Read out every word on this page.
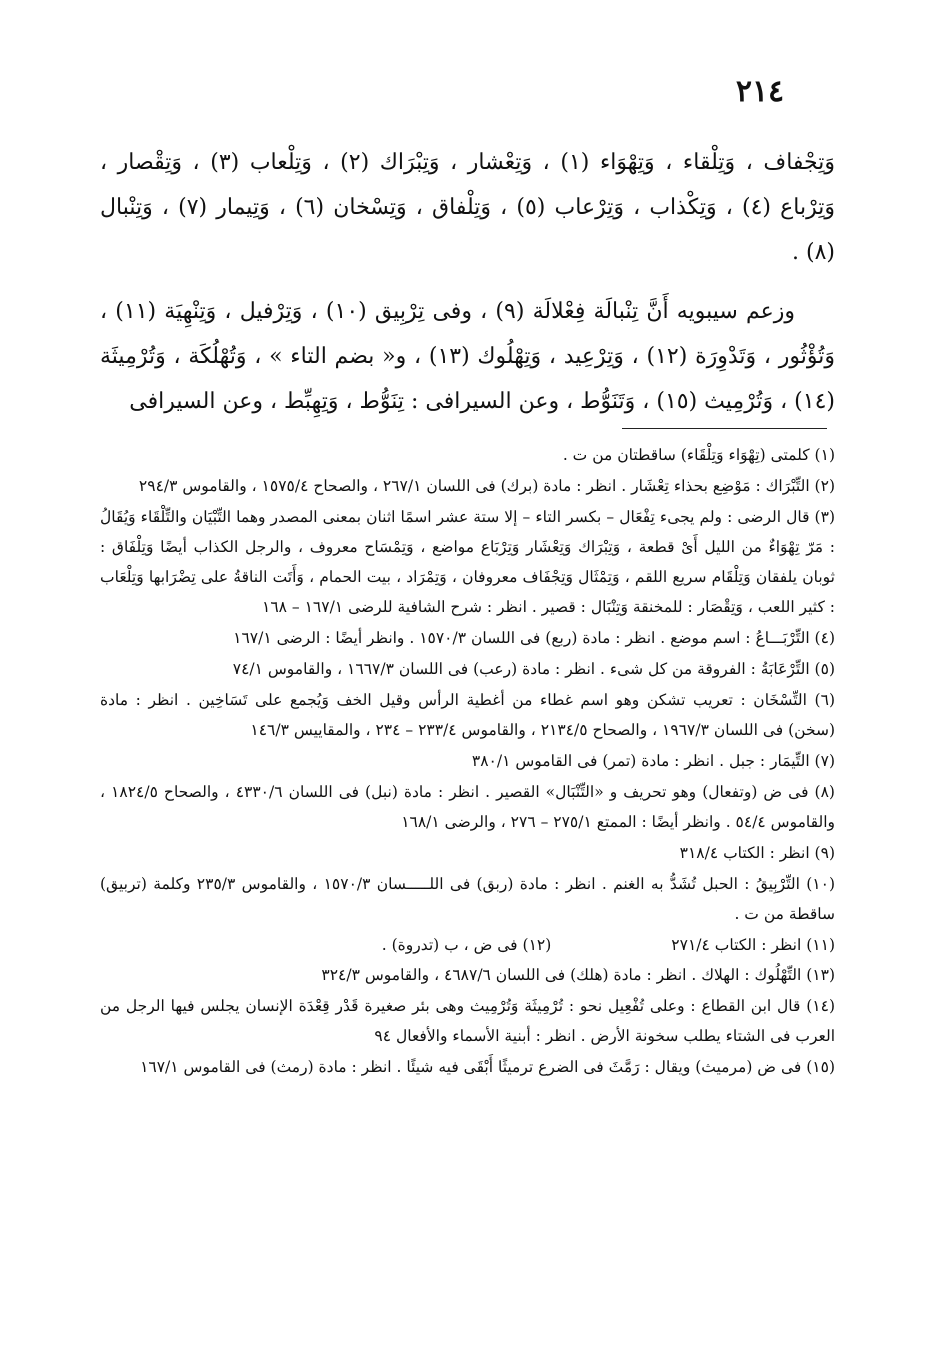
٢١٤

وَتِجْفاف ، وَتِلْقاء ، وَتِهْوَاء (١) ، وَتِعْشار ، وَتِبْرَاك (٢) ، وَتِلْعاب (٣) ، وَتِقْصار ، وَتِرْباع (٤) ، وَتِكْذاب ، وَتِرْعاب (٥) ، وَتِلْفاق ، وَتِسْخان (٦) ، وَتِيمار (٧) ، وَتِنْبال (٨) .

وزعم سيبويه أَنَّ تِنْبالَة فِعْلالَة (٩) ، وفى تِرْبِيق (١٠) ، وَتِرْفيل ، وَتِنْهِيَة (١١) ، وَتُؤْثُور ، وَتَدْوِرَة (١٢) ، وَتِرْعِيد ، وَتِهْلُوك (١٣) ، و« بضم التاء » ، وَتُهْلُكَة ، وَتُرْمِيثَة (١٤) ، وَتُرْمِيث (١٥) ، وَتَنَوُّط ، وعن السيرافى : تِنَوُّط ، وَتِهِبِّط ، وعن السيرافى

(١) كلمتى (تِهْوَاء وَتِلْقَاء) ساقطتان من ت .
(٢) التِّبْرَاك : مَوْضِع بحذاء تِعْشَار . انظر : مادة (برك) فى اللسان ٢٦٧/١ ، والصحاح ١٥٧٥/٤ ، والقاموس ٢٩٤/٣
(٣) قال الرضى : ولم يجىء تِفْعَال – بكسر التاء – إلا ستة عشر اسمًا اثنان بمعنى المصدر وهما التِّبْيَان والتِّلْقَاء وَيُقَالُ : مَرّ تِهْوَاءٌ من الليل أَىْ قطعة ، وَتِبْرَاك وَتِعْشَار وَتِرْبَاع مواضع ، وَتِمْسَاح معروف ، والرجل الكذاب أيضًا وَتِلْفَاق : ثوبان يلفقان وَتِلْقَام سريع اللقم ، وَتِمْثَال وَتِجْفَاف معروفان ، وَتِمْرَاد ، بيت الحمام ، وَأَتَت الناقةُ على تِضْرَابها وَتِلْعَاب : كثير اللعب ، وَتِقْصَار : للمخنقة وَتِنْبَال : قصير . انظر : شرح الشافية للرضى ١٦٧/١ – ١٦٨
(٤) التِّرْبَـــاعُ : اسم موضع . انظر : مادة (ربع) فى اللسان ١٥٧٠/٣ . وانظر أيضًا : الرضى ١٦٧/١
(٥) التِّرْعَابَةُ : الفروقة من كل شىء . انظر : مادة (رعب) فى اللسان ١٦٦٧/٣ ، والقاموس ٧٤/١
(٦) التِّسْخَان : تعريب تشكن وهو اسم غطاء من أغطية الرأس وقيل الخف وَيُجمع على تَسَاخِين . انظر : مادة (سخن) فى اللسان ١٩٦٧/٣ ، والصحاح ٢١٣٤/٥ ، والقاموس ٢٣٣/٤ – ٢٣٤ ، والمقاييس ١٤٦/٣
(٧) التِّيمَار : جبل . انظر : مادة (تمر) فى القاموس ٣٨٠/١
(٨) فى ض (وتفعال) وهو تحريف و «التِّنْبَال» القصير . انظر : مادة (نبل) فى اللسان ٤٣٣٠/٦ ، والصحاح ١٨٢٤/٥ ، والقاموس ٥٤/٤ . وانظر أيضًا : الممتع ٢٧٥/١ – ٢٧٦ ، والرضى ١٦٨/١
(٩) انظر : الكتاب ٣١٨/٤
(١٠) التِّرْبِيقُ : الحبل تُشَدُّ به الغنم . انظر : مادة (ربق) فى اللـــــسان ١٥٧٠/٣ ، والقاموس ٢٣٥/٣ وكلمة (تربيق) ساقطة من ت .
(١١) انظر : الكتاب ٢٧١/٤
(١٢) فى ض ، ب (تدروة) .
(١٣) التِّهْلُوك : الهلاك . انظر : مادة (هلك) فى اللسان ٤٦٨٧/٦ ، والقاموس ٣٢٤/٣
(١٤) قال ابن القطاع : وعلى تُفْعِيل نحو : تُرْمِيثَة وَتُرْمِيث وهى بئر صغيرة قَدْر قِعْدَة الإنسان يجلس فيها الرجل من العرب فى الشتاء يطلب سخونة الأرض . انظر : أبنية الأسماء والأفعال ٩٤
(١٥) فى ض (مرميث) ويقال : رَمَّثَ فى الضرع ترميثًا أَبْقَى فيه شيئًا . انظر : مادة (رمث) فى القاموس ١٦٧/١
